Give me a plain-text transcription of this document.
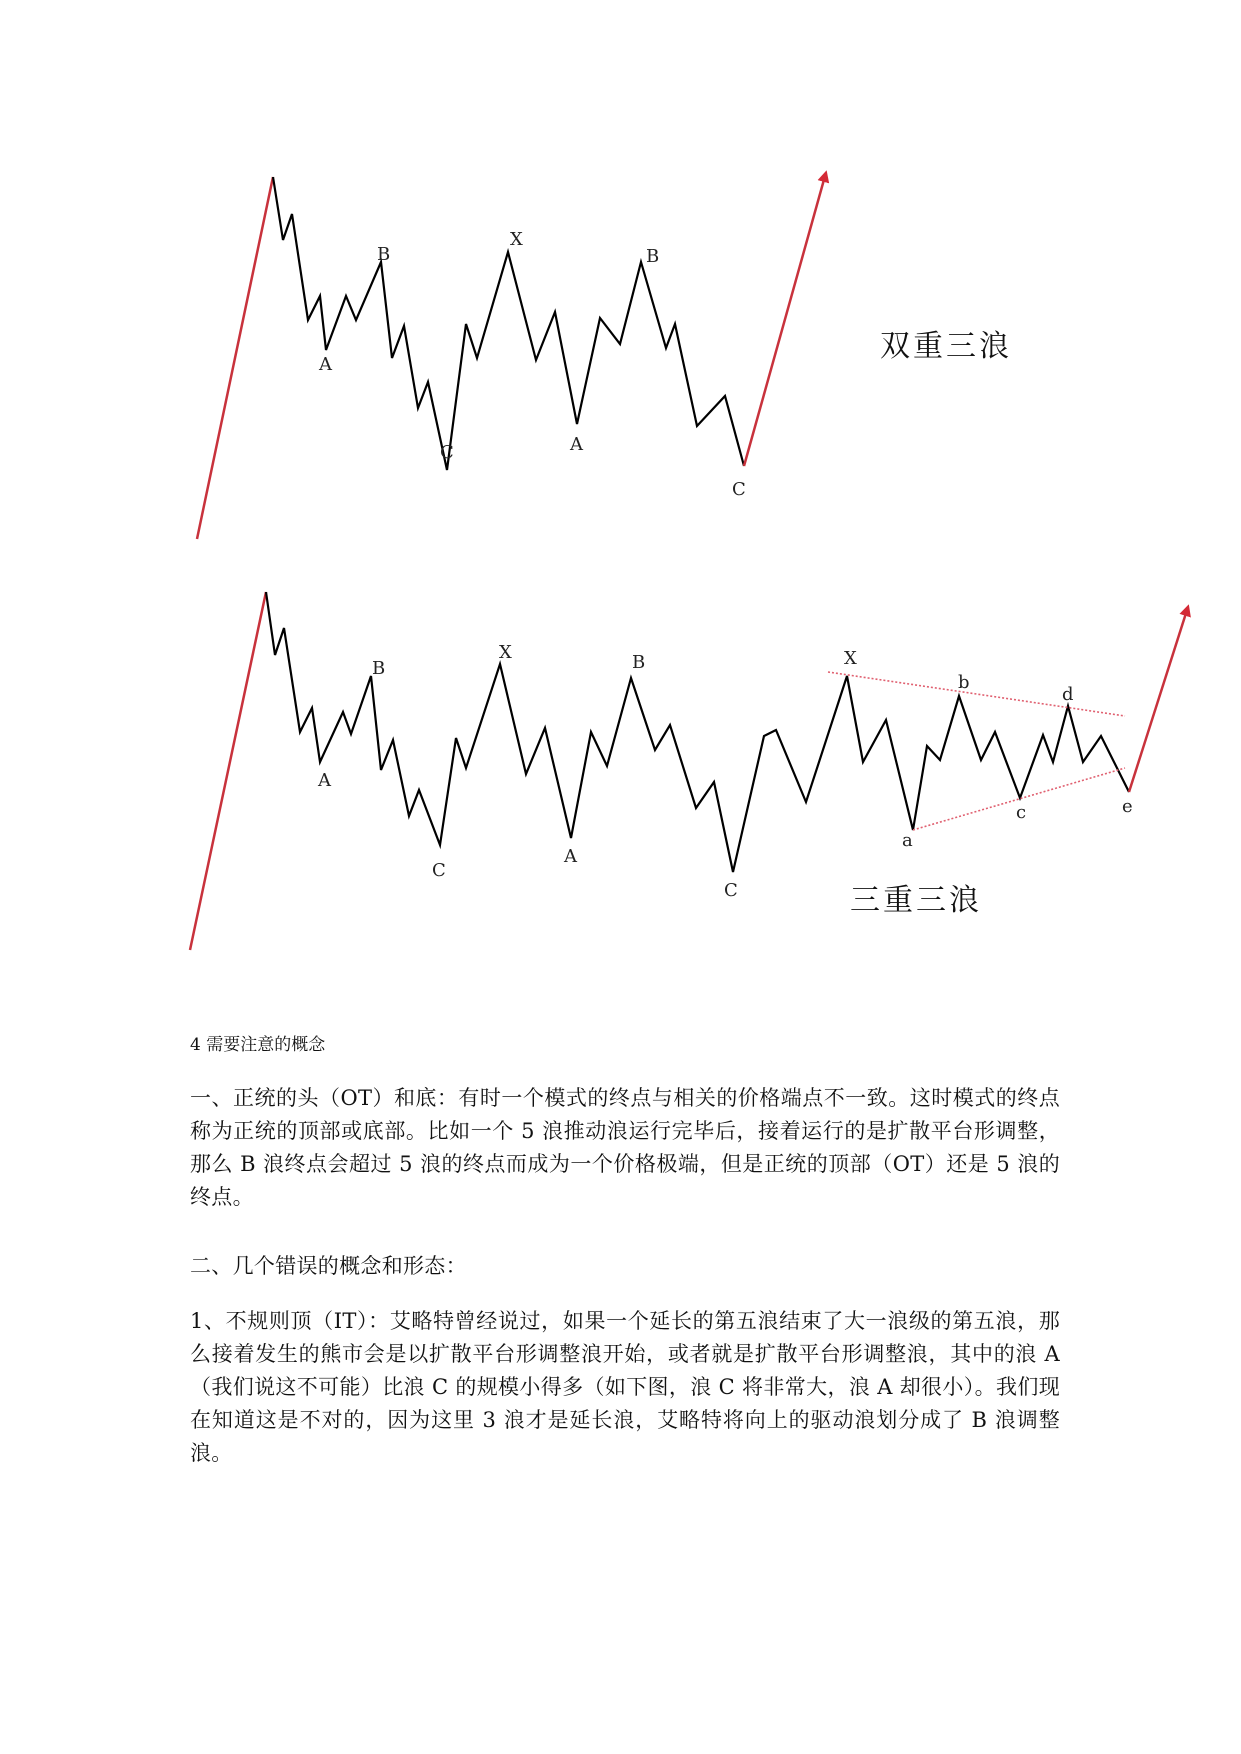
A
B
C
X
A
B
C
双重三浪
A
B
C
X
A
B
C
X
a
b
c
d
e
三重三浪
4 需要注意的概念

一、正统的头（OT）和底：有时一个模式的终点与相关的价格端点不一致。这时模式的终点称为正统的顶部或底部。比如一个 5 浪推动浪运行完毕后，接着运行的是扩散平台形调整，那么 B 浪终点会超过 5 浪的终点而成为一个价格极端，但是正统的顶部（OT）还是 5 浪的终点。

二、几个错误的概念和形态：

1、不规则顶（IT）：艾略特曾经说过，如果一个延长的第五浪结束了大一浪级的第五浪，那么接着发生的熊市会是以扩散平台形调整浪开始，或者就是扩散平台形调整浪，其中的浪 A（我们说这不可能）比浪 C 的规模小得多（如下图，浪 C 将非常大，浪 A 却很小）。我们现在知道这是不对的，因为这里 3 浪才是延长浪，艾略特将向上的驱动浪划分成了 B 浪调整浪。
